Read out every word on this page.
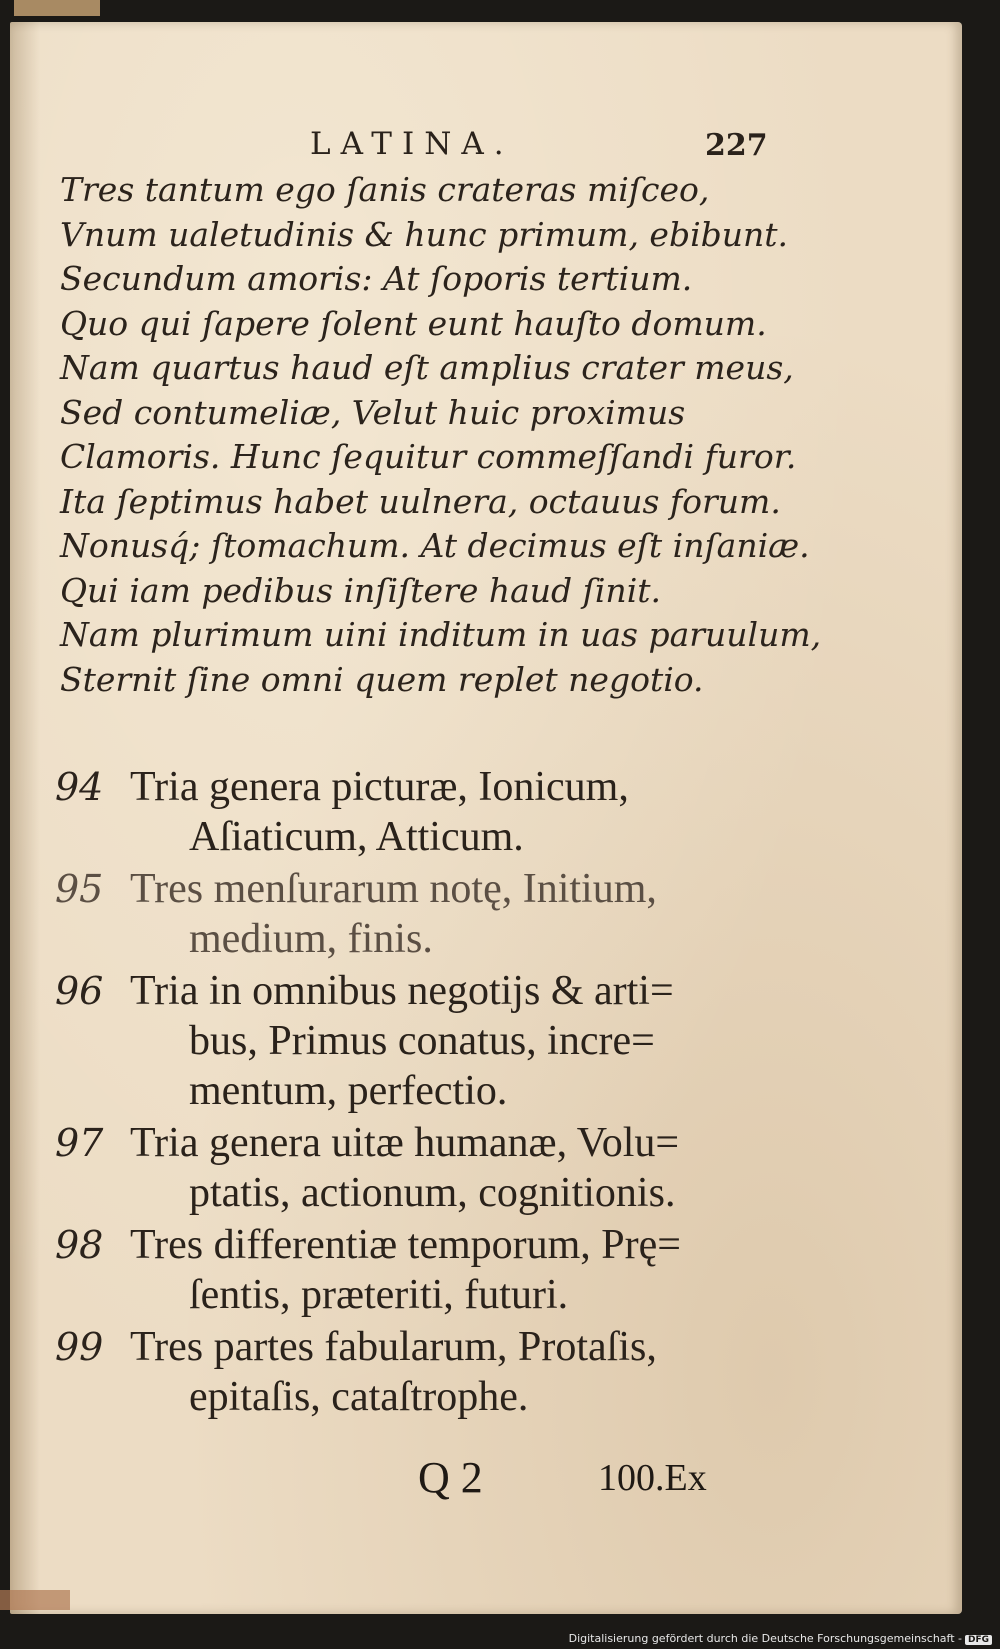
LATINA.	227
Tres tantum ego ſanis crateras miſceo,
Vnum ualetudinis & hunc primum, ebibunt.
Secundum amoris: At ſoporis tertium.
Quo qui ſapere ſolent eunt hauſto domum.
Nam quartus haud eſt amplius crater meus,
Sed contumeliæ, Velut huic proximus
Clamoris. Hunc ſequitur commeſſandi furor.
Ita ſeptimus habet uulnera, octauus forum.
Nonusq́; ſtomachum. At decimus eſt inſaniæ.
Qui iam pedibus inſiſtere haud ſinit.
Nam plurimum uini inditum in uas paruulum,
Sternit ſine omni quem replet negotio.
94 Tria genera picturæ, Ionicum,
Aſiaticum, Atticum.
95 Tres menſurarum notę, Initium,
medium, finis.
96 Tria in omnibus negotijs & arti=
bus, Primus conatus, incre=
mentum, perfectio.
97 Tria genera uitæ humanæ, Volu=
ptatis, actionum, cognitionis.
98 Tres differentiæ temporum, Prę=
ſentis, præteriti, futuri.
99 Tres partes fabularum, Protaſis,
epitaſis, cataſtrophe.
Q 2	100.Ex
Digitalisierung gefördert durch die Deutsche Forschungsgemeinschaft - DFG
